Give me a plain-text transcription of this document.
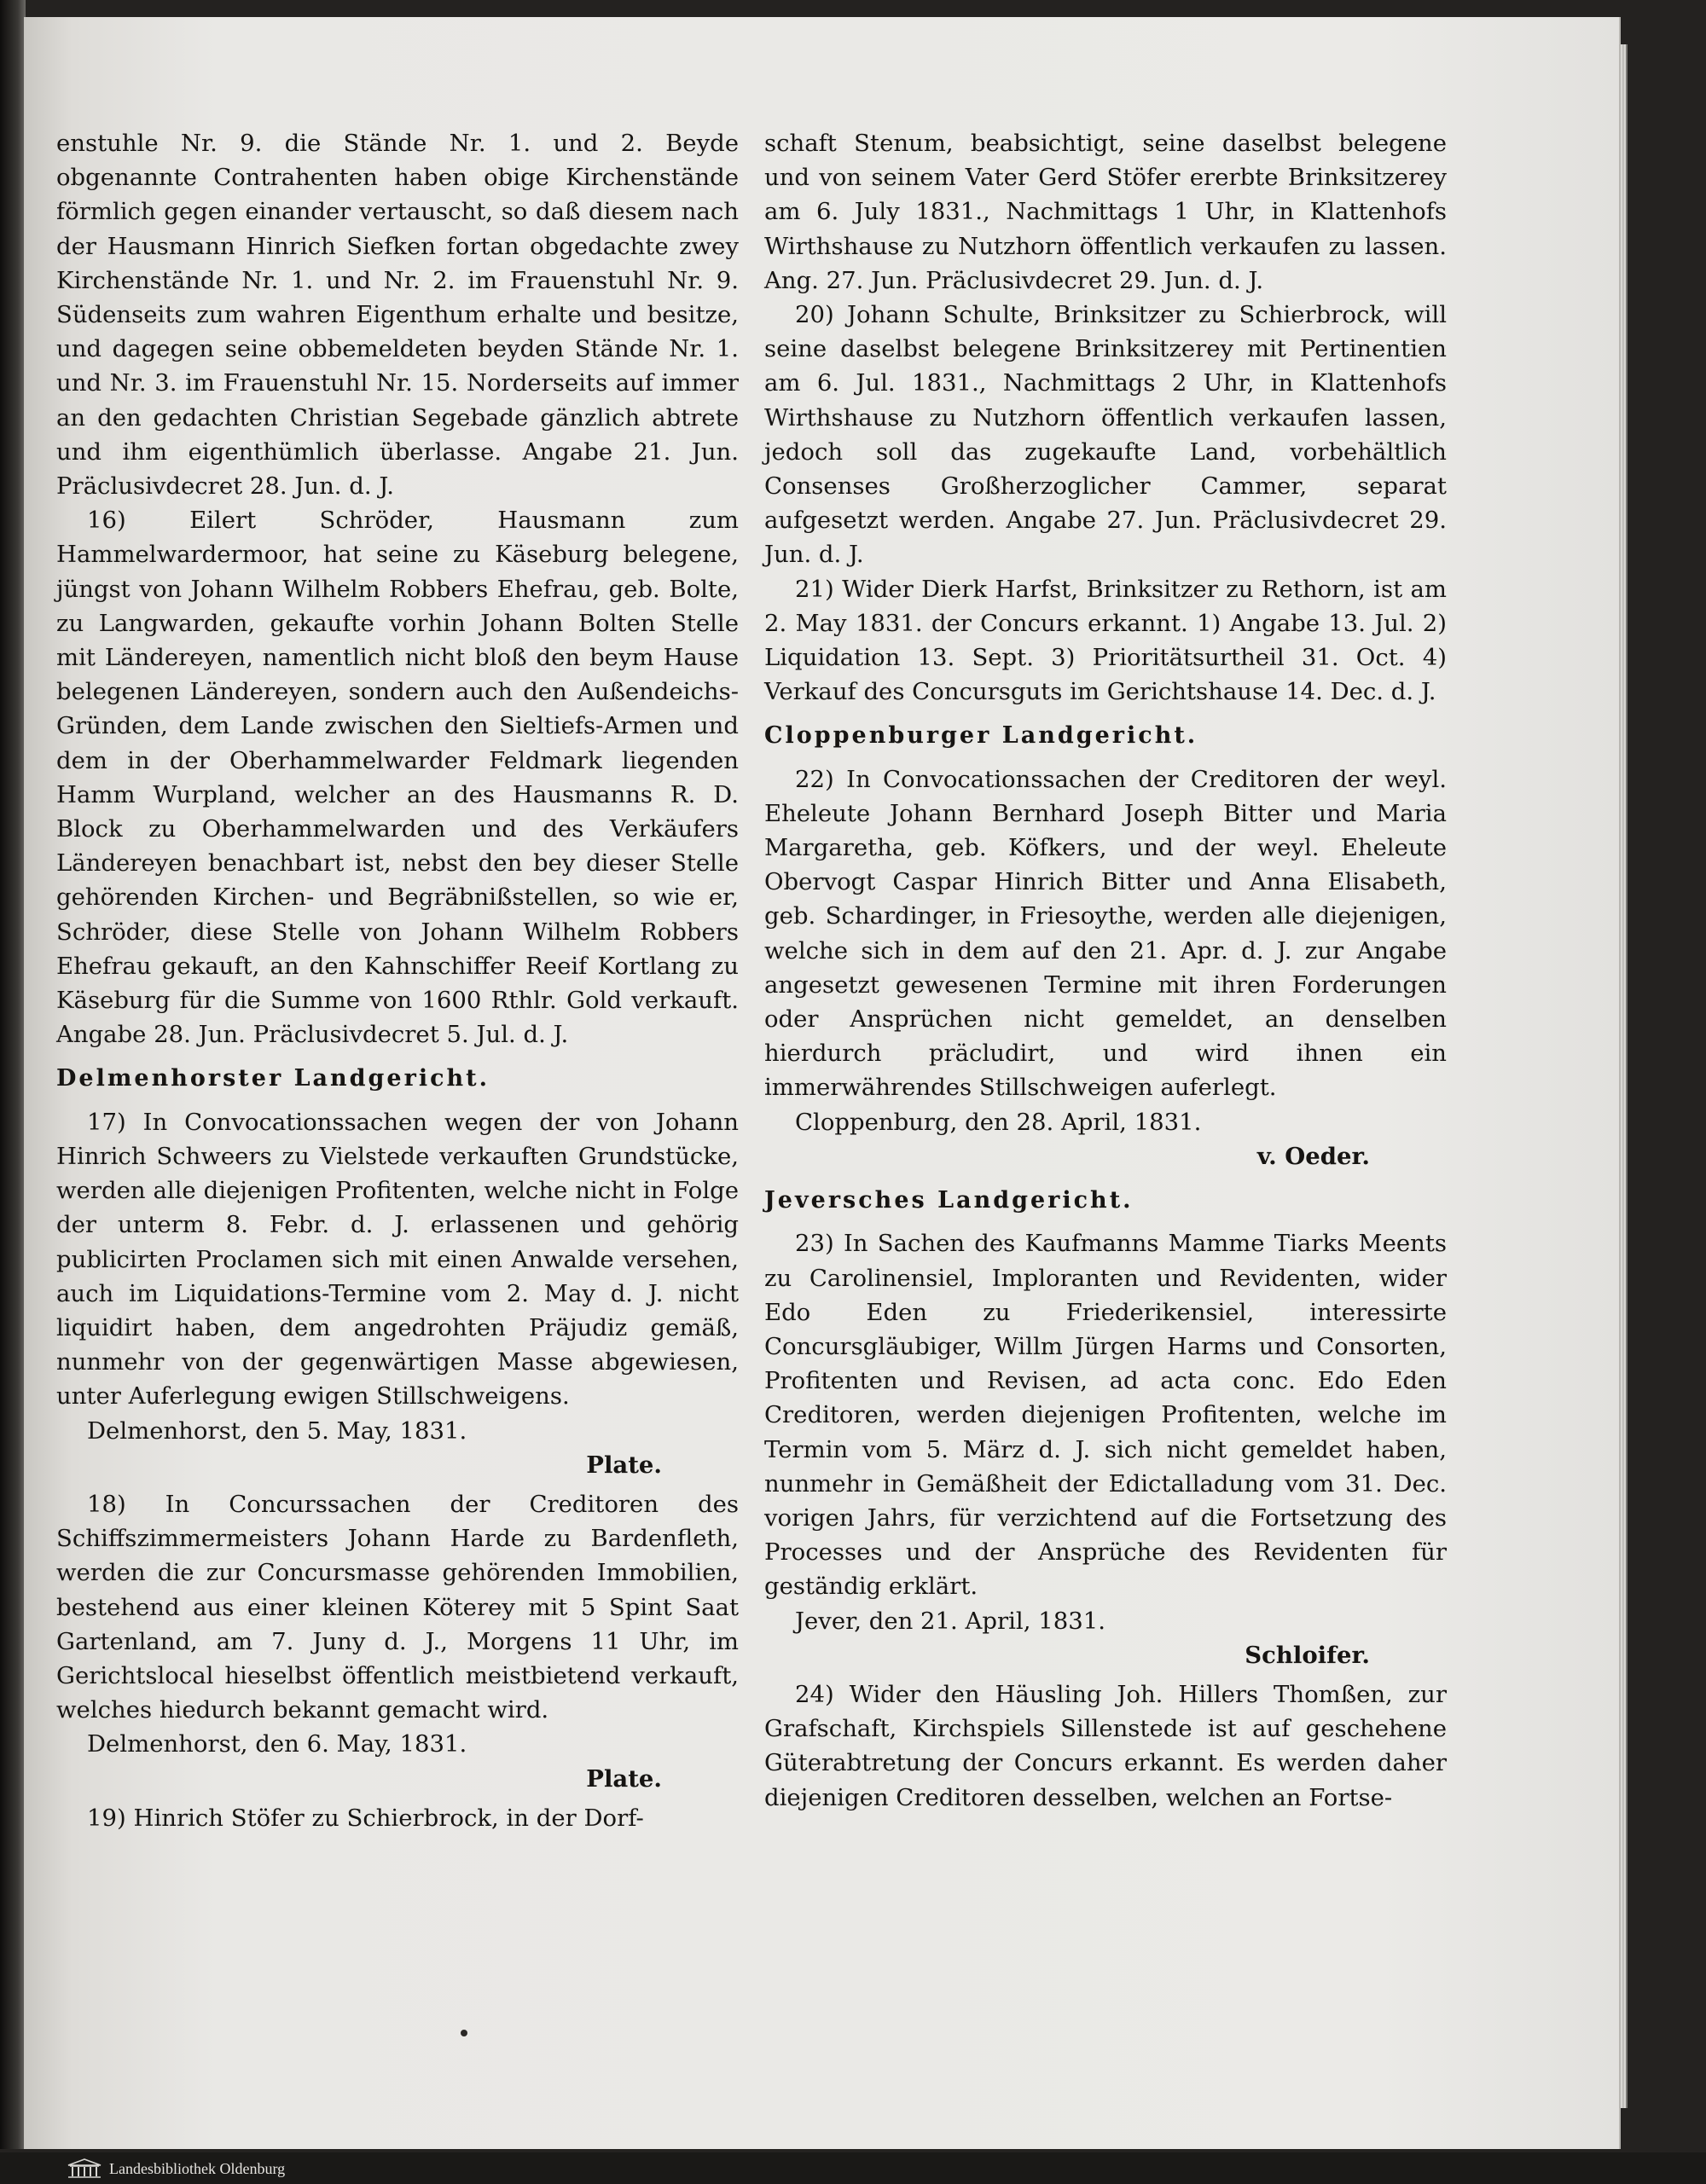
enstuhle Nr. 9. die Stände Nr. 1. und 2. Beyde obgenannte Contrahenten haben obige Kirchenstände förmlich gegen einander vertauscht, so daß diesem nach der Hausmann Hinrich Siefken fortan obgedachte zwey Kirchenstände Nr. 1. und Nr. 2. im Frauenstuhl Nr. 9. Südenseits zum wahren Eigenthum erhalte und besitze, und dagegen seine obbemeldeten beyden Stände Nr. 1. und Nr. 3. im Frauenstuhl Nr. 15. Norderseits auf immer an den gedachten Christian Segebade gänzlich abtrete und ihm eigenthümlich überlasse. Angabe 21. Jun. Präclusivdecret 28. Jun. d. J.

16) Eilert Schröder, Hausmann zum Hammelwardermoor, hat seine zu Käseburg belegene, jüngst von Johann Wilhelm Robbers Ehefrau, geb. Bolte, zu Langwarden, gekaufte vorhin Johann Bolten Stelle mit Ländereyen, namentlich nicht bloß den beym Hause belegenen Ländereyen, sondern auch den Außendeichs-Gründen, dem Lande zwischen den Sieltiefs-Armen und dem in der Oberhammelwarder Feldmark liegenden Hamm Wurpland, welcher an des Hausmanns R. D. Block zu Oberhammelwarden und des Verkäufers Ländereyen benachbart ist, nebst den bey dieser Stelle gehörenden Kirchen- und Begräbnißstellen, so wie er, Schröder, diese Stelle von Johann Wilhelm Robbers Ehefrau gekauft, an den Kahnschiffer Reeif Kortlang zu Käseburg für die Summe von 1600 Rthlr. Gold verkauft. Angabe 28. Jun. Präclusivdecret 5. Jul. d. J.

Delmenhorster Landgericht.

17) In Convocationssachen wegen der von Johann Hinrich Schweers zu Vielstede verkauften Grundstücke, werden alle diejenigen Profitenten, welche nicht in Folge der unterm 8. Febr. d. J. erlassenen und gehörig publicirten Proclamen sich mit einen Anwalde versehen, auch im Liquidations-Termine vom 2. May d. J. nicht liquidirt haben, dem angedrohten Präjudiz gemäß, nunmehr von der gegenwärtigen Masse abgewiesen, unter Auferlegung ewigen Stillschweigens.

Delmenhorst, den 5. May, 1831.

Plate.

18) In Concurssachen der Creditoren des Schiffszimmermeisters Johann Harde zu Bardenfleth, werden die zur Concursmasse gehörenden Immobilien, bestehend aus einer kleinen Köterey mit 5 Spint Saat Gartenland, am 7. Juny d. J., Morgens 11 Uhr, im Gerichtslocal hieselbst öffentlich meistbietend verkauft, welches hiedurch bekannt gemacht wird.

Delmenhorst, den 6. May, 1831.

Plate.

19) Hinrich Stöfer zu Schierbrock, in der Dorf-

schaft Stenum, beabsichtigt, seine daselbst belegene und von seinem Vater Gerd Stöfer ererbte Brinksitzerey am 6. July 1831., Nachmittags 1 Uhr, in Klattenhofs Wirthshause zu Nutzhorn öffentlich verkaufen zu lassen. Ang. 27. Jun. Präclusivdecret 29. Jun. d. J.

20) Johann Schulte, Brinksitzer zu Schierbrock, will seine daselbst belegene Brinksitzerey mit Pertinentien am 6. Jul. 1831., Nachmittags 2 Uhr, in Klattenhofs Wirthshause zu Nutzhorn öffentlich verkaufen lassen, jedoch soll das zugekaufte Land, vorbehältlich Consenses Großherzoglicher Cammer, separat aufgesetzt werden. Angabe 27. Jun. Präclusivdecret 29. Jun. d. J.

21) Wider Dierk Harfst, Brinksitzer zu Rethorn, ist am 2. May 1831. der Concurs erkannt. 1) Angabe 13. Jul. 2) Liquidation 13. Sept. 3) Prioritätsurtheil 31. Oct. 4) Verkauf des Concursguts im Gerichtshause 14. Dec. d. J.

Cloppenburger Landgericht.

22) In Convocationssachen der Creditoren der weyl. Eheleute Johann Bernhard Joseph Bitter und Maria Margaretha, geb. Köfkers, und der weyl. Eheleute Obervogt Caspar Hinrich Bitter und Anna Elisabeth, geb. Schardinger, in Friesoythe, werden alle diejenigen, welche sich in dem auf den 21. Apr. d. J. zur Angabe angesetzt gewesenen Termine mit ihren Forderungen oder Ansprüchen nicht gemeldet, an denselben hierdurch präcludirt, und wird ihnen ein immerwährendes Stillschweigen auferlegt.

Cloppenburg, den 28. April, 1831.

v. Oeder.

Jeversches Landgericht.

23) In Sachen des Kaufmanns Mamme Tiarks Meents zu Carolinensiel, Imploranten und Revidenten, wider Edo Eden zu Friederikensiel, interessirte Concursgläubiger, Willm Jürgen Harms und Consorten, Profitenten und Revisen, ad acta conc. Edo Eden Creditoren, werden diejenigen Profitenten, welche im Termin vom 5. März d. J. sich nicht gemeldet haben, nunmehr in Gemäßheit der Edictalladung vom 31. Dec. vorigen Jahrs, für verzichtend auf die Fortsetzung des Processes und der Ansprüche des Revidenten für geständig erklärt.

Jever, den 21. April, 1831.

Schloifer.

24) Wider den Häusling Joh. Hillers Thomßen, zur Grafschaft, Kirchspiels Sillenstede ist auf geschehene Güterabtretung der Concurs erkannt. Es werden daher diejenigen Creditoren desselben, welchen an Fortse-

Landesbibliothek Oldenburg
